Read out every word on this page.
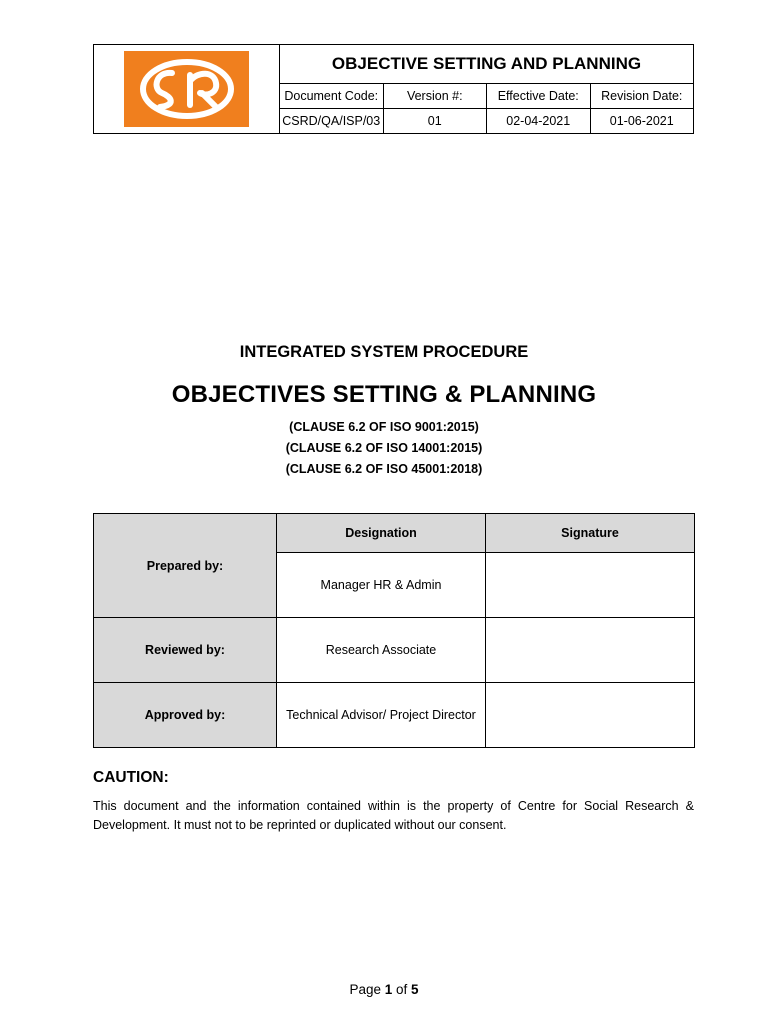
	OBJECTIVE SETTING AND PLANNING			
	Document Code:	Version #:	Effective Date:	Revision Date:
	CSRD/QA/ISP/03	01	02-04-2021	01-06-2021
INTEGRATED SYSTEM PROCEDURE
OBJECTIVES SETTING & PLANNING
(CLAUSE 6.2 OF ISO 9001:2015)
(CLAUSE 6.2 OF ISO 14001:2015)
(CLAUSE 6.2 OF ISO 45001:2018)
Prepared by:	Designation	Signature
	Manager HR & Admin	
Reviewed by:	Research Associate	
Approved by:	Technical Advisor/ Project Director	
CAUTION:
This document and the information contained within is the property of Centre for Social Research & Development. It must not to be reprinted or duplicated without our consent.
Page 1 of 5
